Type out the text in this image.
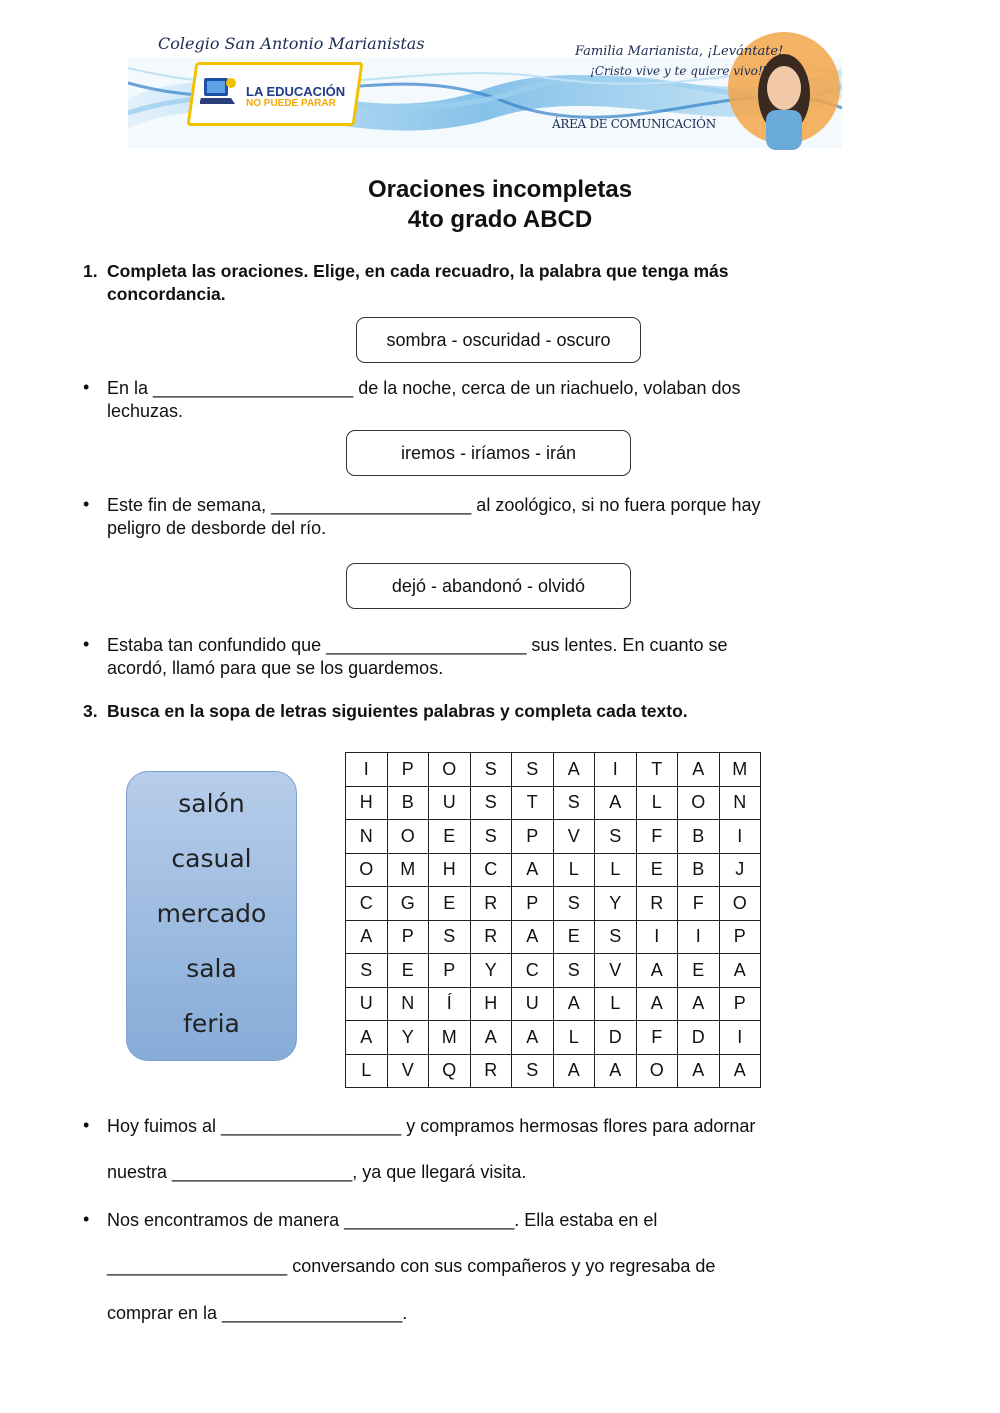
LA EDUCACIÓN
NO PUEDE PARAR
Colegio San Antonio Marianistas	Familia Marianista, ¡Levántate!
¡Cristo vive y te quiere vivo!'
ÁREA DE COMUNICACIÓN
Oraciones incompletas
4to grado ABCD
1. Completa las oraciones. Elige, en cada recuadro, la palabra que tenga más
concordancia.
sombra - oscuridad - oscuro
• En la ____________________ de la noche, cerca de un riachuelo, volaban dos
lechuzas.
iremos - iríamos - irán
• Este fin de semana, ____________________ al zoológico, si no fuera porque hay
peligro de desborde del río.
dejó - abandonó - olvidó
• Estaba tan confundido que ____________________ sus lentes. En cuanto se
acordó, llamó para que se los guardemos.
3. Busca en la sopa de letras siguientes palabras y completa cada texto.
salón
casual
mercado
sala
feria
I	P	O	S	S	A	I	T	A	M
H	B	U	S	T	S	A	L	O	N
N	O	E	S	P	V	S	F	B	I
O	M	H	C	A	L	L	E	B	J
C	G	E	R	P	S	Y	R	F	O
A	P	S	R	A	E	S	I	I	P
S	E	P	Y	C	S	V	A	E	A
U	N	Í	H	U	A	L	A	A	P
A	Y	M	A	A	L	D	F	D	I
L	V	Q	R	S	A	A	O	A	A
• Hoy fuimos al __________________ y compramos hermosas flores para adornar
nuestra __________________, ya que llegará visita.
• Nos encontramos de manera _________________. Ella estaba en el
__________________ conversando con sus compañeros y yo regresaba de
comprar en la __________________.
